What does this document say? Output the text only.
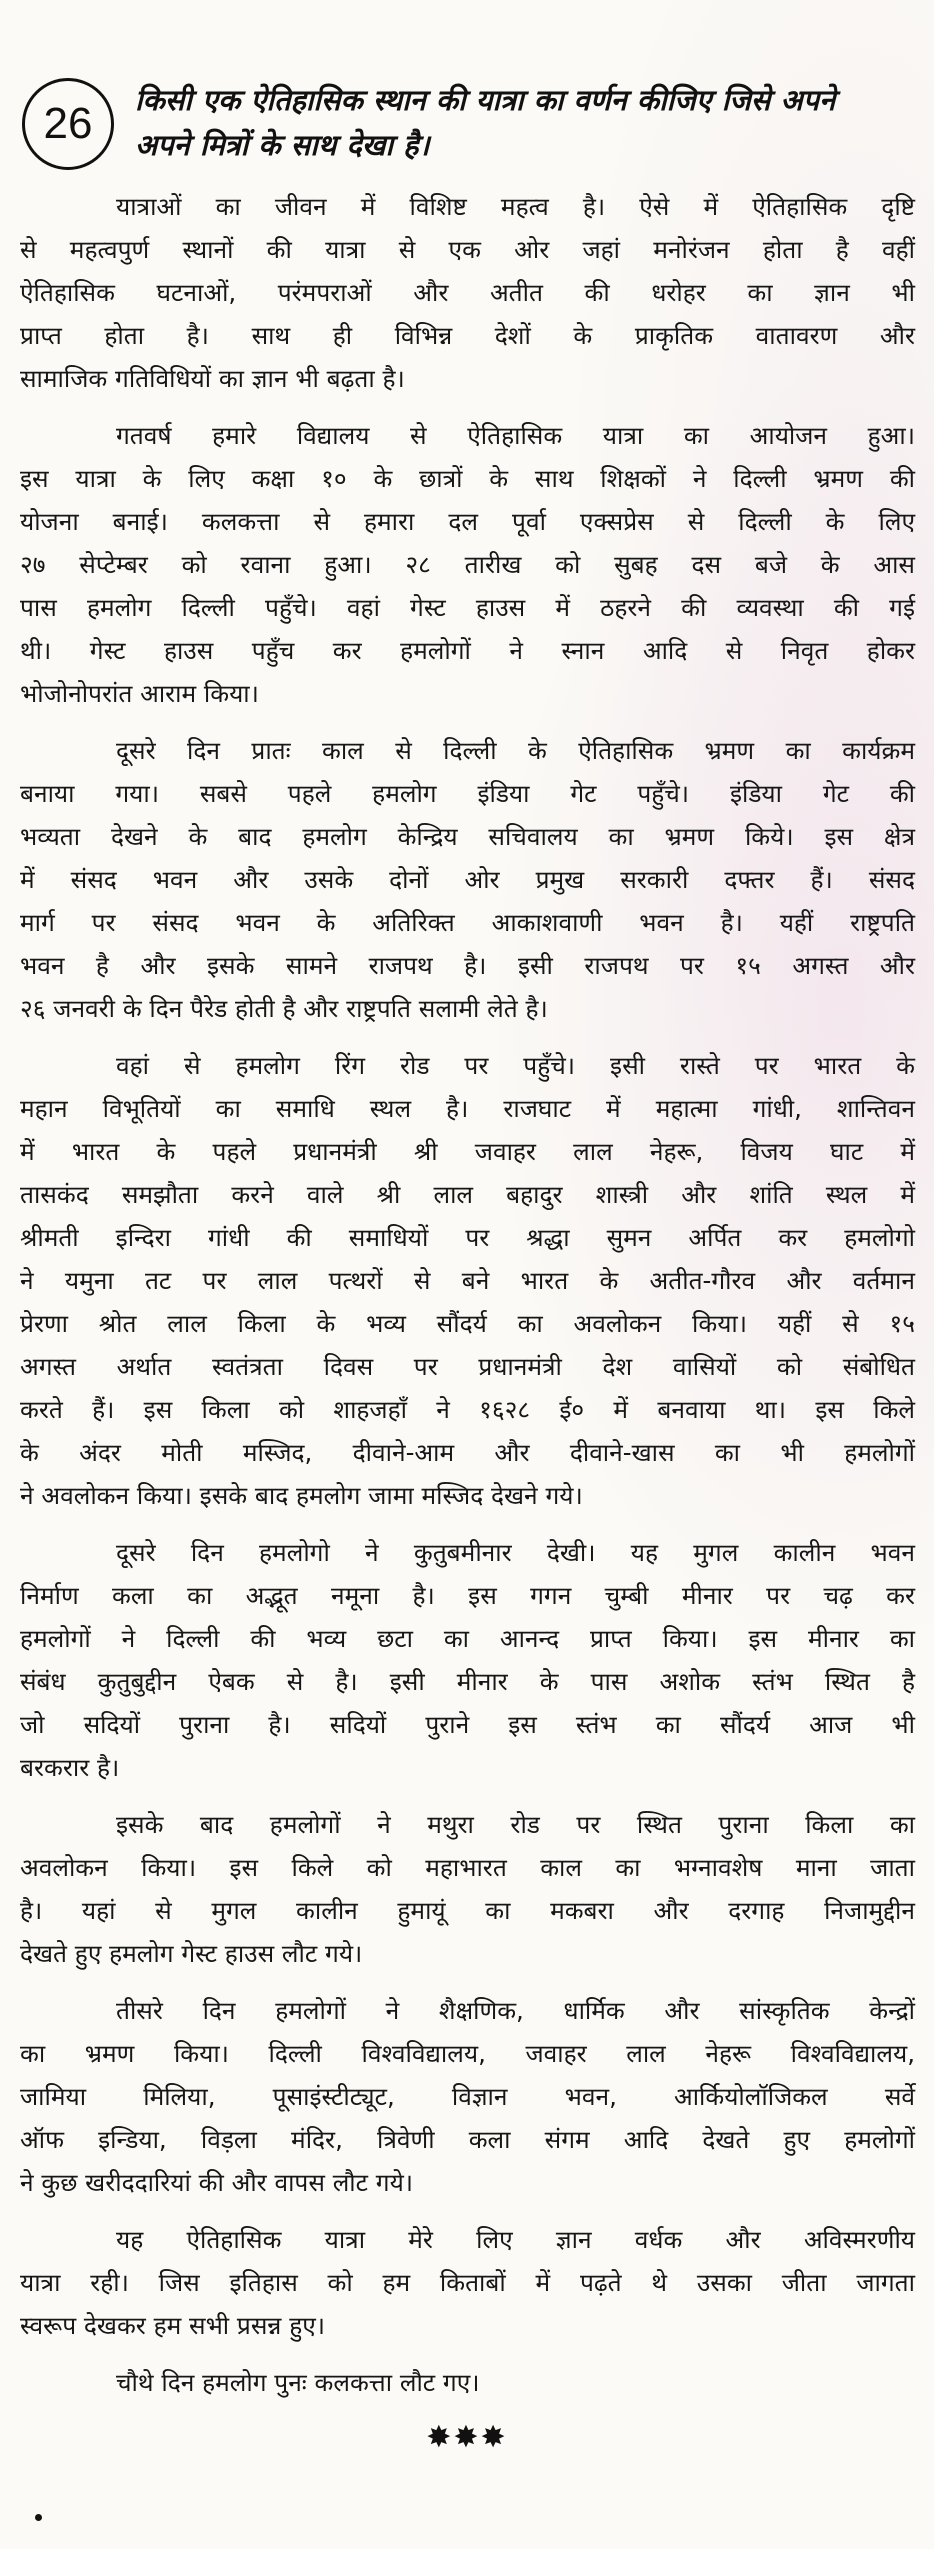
26 किसी एक ऐतिहासिक स्थान की यात्रा का वर्णन कीजिए जिसे अपने
अपने मित्रों के साथ देखा है।
यात्राओं का जीवन में विशिष्ट महत्व है। ऐसे में ऐतिहासिक दृष्टि
से महत्वपुर्ण स्थानों की यात्रा से एक ओर जहां मनोरंजन होता है वहीं
ऐतिहासिक घटनाओं, परंमपराओं और अतीत की धरोहर का ज्ञान भी
प्राप्त होता है। साथ ही विभिन्न देशों के प्राकृतिक वातावरण और
सामाजिक गतिविधियों का ज्ञान भी बढ़ता है।
गतवर्ष हमारे विद्यालय से ऐतिहासिक यात्रा का आयोजन हुआ।
इस यात्रा के लिए कक्षा १० के छात्रों के साथ शिक्षकों ने दिल्ली भ्रमण की
योजना बनाई। कलकत्ता से हमारा दल पूर्वा एक्सप्रेस से दिल्ली के लिए
२७ सेप्टेम्बर को रवाना हुआ। २८ तारीख को सुबह दस बजे के आस
पास हमलोग दिल्ली पहुँचे। वहां गेस्ट हाउस में ठहरने की व्यवस्था की गई
थी। गेस्ट हाउस पहुँच कर हमलोगों ने स्नान आदि से निवृत होकर
भोजोनोपरांत आराम किया।
दूसरे दिन प्रातः काल से दिल्ली के ऐतिहासिक भ्रमण का कार्यक्रम
बनाया गया। सबसे पहले हमलोग इंडिया गेट पहुँचे। इंडिया गेट की
भव्यता देखने के बाद हमलोग केन्द्रिय सचिवालय का भ्रमण किये। इस क्षेत्र
में संसद भवन और उसके दोनों ओर प्रमुख सरकारी दफ्तर हैं। संसद
मार्ग पर संसद भवन के अतिरिक्त आकाशवाणी भवन है। यहीं राष्ट्रपति
भवन है और इसके सामने राजपथ है। इसी राजपथ पर १५ अगस्त और
२६ जनवरी के दिन पैरेड होती है और राष्ट्रपति सलामी लेते है।
वहां से हमलोग रिंग रोड पर पहुँचे। इसी रास्ते पर भारत के
महान विभूतियों का समाधि स्थल है। राजघाट में महात्मा गांधी, शान्तिवन
में भारत के पहले प्रधानमंत्री श्री जवाहर लाल नेहरू, विजय घाट में
तासकंद समझौता करने वाले श्री लाल बहादुर शास्त्री और शांति स्थल में
श्रीमती इन्दिरा गांधी की समाधियों पर श्रद्धा सुमन अर्पित कर हमलोगो
ने यमुना तट पर लाल पत्थरों से बने भारत के अतीत-गौरव और वर्तमान
प्रेरणा श्रोत लाल किला के भव्य सौंदर्य का अवलोकन किया। यहीं से १५
अगस्त अर्थात स्वतंत्रता दिवस पर प्रधानमंत्री देश वासियों को संबोधित
करते हैं। इस किला को शाहजहाँ ने १६२८ ई० में बनवाया था। इस किले
के अंदर मोती मस्जिद, दीवाने-आम और दीवाने-खास का भी हमलोगों
ने अवलोकन किया। इसके बाद हमलोग जामा मस्जिद देखने गये।
दूसरे दिन हमलोगो ने कुतुबमीनार देखी। यह मुगल कालीन भवन
निर्माण कला का अद्भूत नमूना है। इस गगन चुम्बी मीनार पर चढ़ कर
हमलोगों ने दिल्ली की भव्य छटा का आनन्द प्राप्त किया। इस मीनार का
संबंध कुतुबुद्दीन ऐबक से है। इसी मीनार के पास अशोक स्तंभ स्थित है
जो सदियों पुराना है। सदियों पुराने इस स्तंभ का सौंदर्य आज भी
बरकरार है।
इसके बाद हमलोगों ने मथुरा रोड पर स्थित पुराना किला का
अवलोकन किया। इस किले को महाभारत काल का भग्नावशेष माना जाता
है। यहां से मुगल कालीन हुमायूं का मकबरा और दरगाह निजामुद्दीन
देखते हुए हमलोग गेस्ट हाउस लौट गये।
तीसरे दिन हमलोगों ने शैक्षणिक, धार्मिक और सांस्कृतिक केन्द्रों
का भ्रमण किया। दिल्ली विश्वविद्यालय, जवाहर लाल नेहरू विश्वविद्यालय,
जामिया मिलिया, पूसाइंस्टीट्यूट, विज्ञान भवन, आर्कियोलॉजिकल सर्वे
ऑफ इन्डिया, विड़ला मंदिर, त्रिवेणी कला संगम आदि देखते हुए हमलोगों
ने कुछ खरीददारियां की और वापस लौट गये।
यह ऐतिहासिक यात्रा मेरे लिए ज्ञान वर्धक और अविस्मरणीय
यात्रा रही। जिस इतिहास को हम किताबों में पढ़ते थे उसका जीता जागता
स्वरूप देखकर हम सभी प्रसन्न हुए।
चौथे दिन हमलोग पुनः कलकत्ता लौट गए।
✸✸✸
